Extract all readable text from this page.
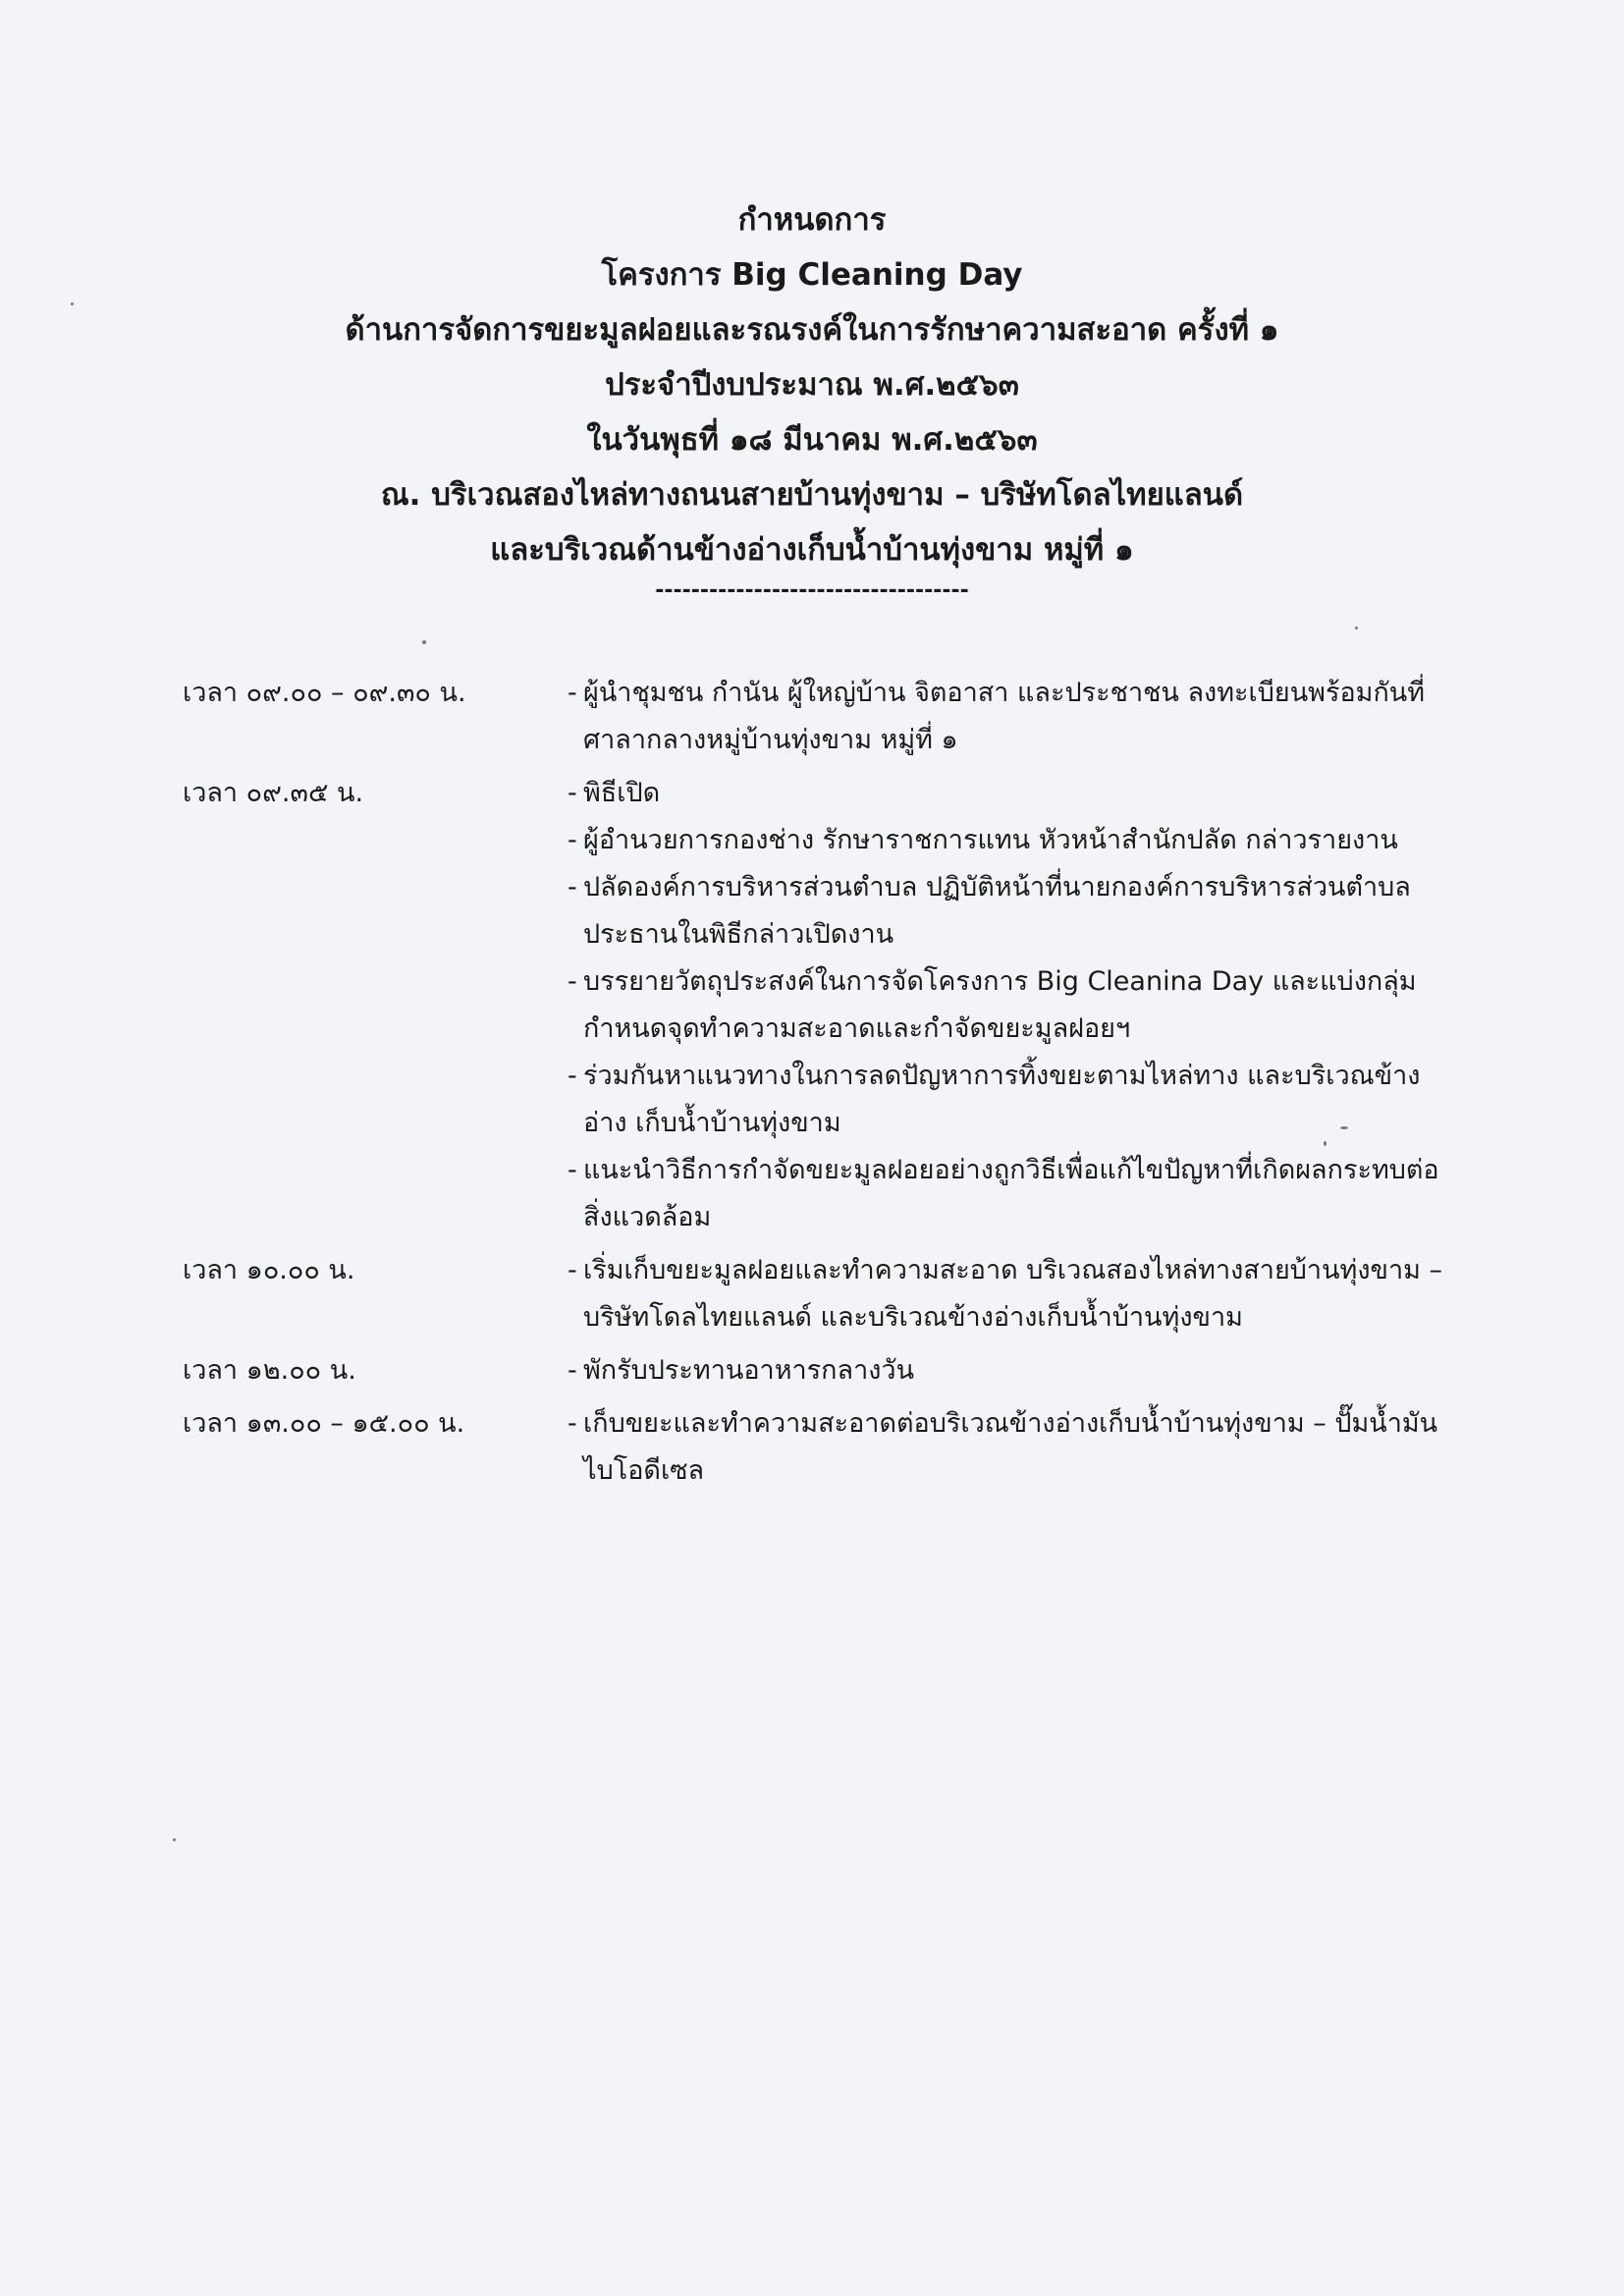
กำหนดการ
โครงการ Big Cleaning Day
ด้านการจัดการขยะมูลฝอยและรณรงค์ในการรักษาความสะอาด ครั้งที่ ๑
ประจำปีงบประมาณ พ.ศ.๒๕๖๓
ในวันพุธที่ ๑๘ มีนาคม พ.ศ.๒๕๖๓
ณ. บริเวณสองไหล่ทางถนนสายบ้านทุ่งขาม – บริษัทโดลไทยแลนด์
และบริเวณด้านข้างอ่างเก็บน้ำบ้านทุ่งขาม หมู่ที่ ๑
-----------------------------------
เวลา ๐๙.๐๐ – ๐๙.๓๐ น.	- ผู้นำชุมชน กำนัน ผู้ใหญ่บ้าน จิตอาสา และประชาชน ลงทะเบียนพร้อมกันที่ ศาลากลางหมู่บ้านทุ่งขาม หมู่ที่ ๑
เวลา ๐๙.๓๕ น.	- พิธีเปิด
- ผู้อำนวยการกองช่าง รักษาราชการแทน หัวหน้าสำนักปลัด กล่าวรายงาน
- ปลัดองค์การบริหารส่วนตำบล ปฏิบัติหน้าที่นายกองค์การบริหารส่วนตำบล ประธานในพิธีกล่าวเปิดงาน
- บรรยายวัตถุประสงค์ในการจัดโครงการ Big Cleanina Day และแบ่งกลุ่ม กำหนดจุดทำความสะอาดและกำจัดขยะมูลฝอยฯ
- ร่วมกันหาแนวทางในการลดปัญหาการทิ้งขยะตามไหล่ทาง และบริเวณข้างอ่าง เก็บน้ำบ้านทุ่งขาม
- แนะนำวิธีการกำจัดขยะมูลฝอยอย่างถูกวิธีเพื่อแก้ไขปัญหาที่เกิดผลกระทบต่อ สิ่งแวดล้อม
เวลา ๑๐.๐๐ น.	- เริ่มเก็บขยะมูลฝอยและทำความสะอาด บริเวณสองไหล่ทางสายบ้านทุ่งขาม – บริษัทโดลไทยแลนด์ และบริเวณข้างอ่างเก็บน้ำบ้านทุ่งขาม
เวลา ๑๒.๐๐ น.	- พักรับประทานอาหารกลางวัน
เวลา ๑๓.๐๐ – ๑๕.๐๐ น.	- เก็บขยะและทำความสะอาดต่อบริเวณข้างอ่างเก็บน้ำบ้านทุ่งขาม – ปั๊มน้ำมันไบโอดีเซล
